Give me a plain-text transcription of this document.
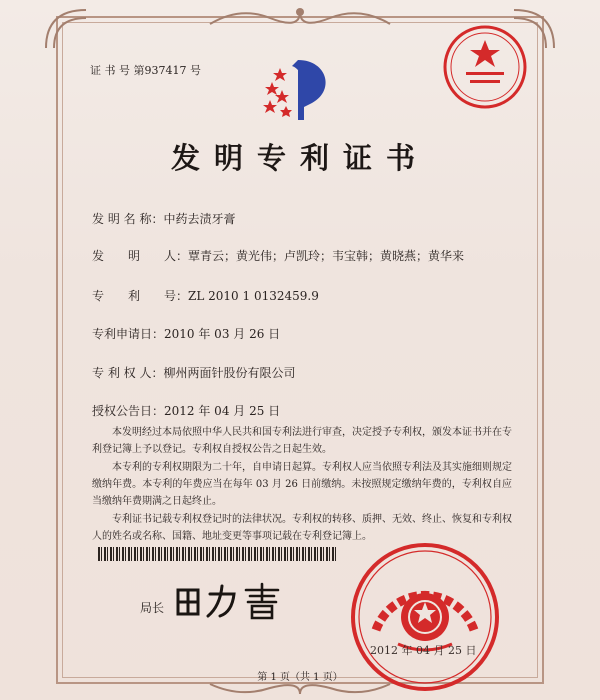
证 书 号 第937417 号
发明专利证书
发 明 名 称：中药去渍牙膏
发　　明　　人：覃青云；黄光伟；卢凯玲；韦宝韩；黄晓燕；黄华来
专　　利　　号：ZL 2010 1 0132459.9
专利申请日：2010 年 03 月 26 日
专 利 权 人：柳州两面针股份有限公司
授权公告日：2012 年 04 月 25 日
本发明经过本局依照中华人民共和国专利法进行审查，决定授予专利权，颁发本证书并在专利登记簿上予以登记。专利权自授权公告之日起生效。
本专利的专利权期限为二十年，自申请日起算。专利权人应当依照专利法及其实施细则规定缴纳年费。本专利的年费应当在每年 03 月 26 日前缴纳。未按照规定缴纳年费的，专利权自应当缴纳年费期满之日起终止。
专利证书记载专利权登记时的法律状况。专利权的转移、质押、无效、终止、恢复和专利权人的姓名或名称、国籍、地址变更等事项记载在专利登记簿上。
局长
2012 年 04 月 25 日
第 1 页（共 1 页）
